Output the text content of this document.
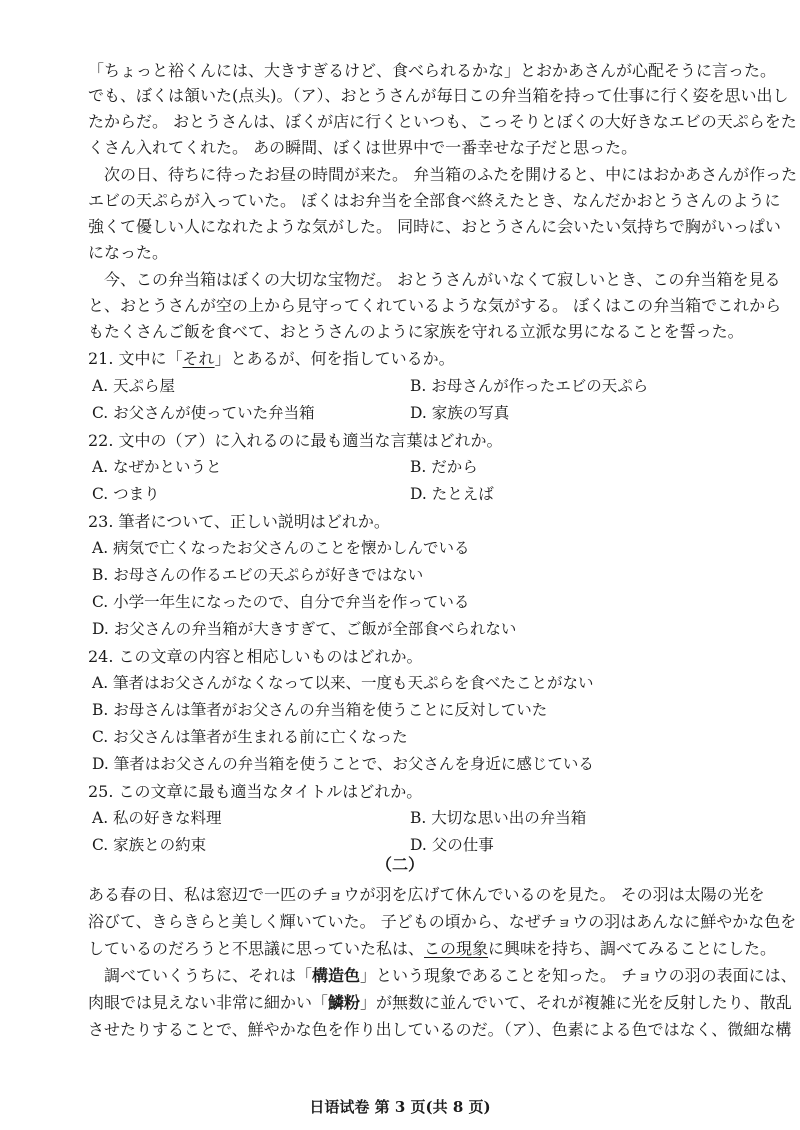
「ちょっと裕くんには、大きすぎるけど、食べられるかな」とおかあさんが心配そうに言った。
でも、ぼくは頷いた(点头)。（ア）、おとうさんが毎日この弁当箱を持って仕事に行く姿を思い出し
たからだ。 おとうさんは、ぼくが店に行くといつも、こっそりとぼくの大好きなエビの天ぷらをた
くさん入れてくれた。 あの瞬間、ぼくは世界中で一番幸せな子だと思った。
次の日、待ちに待ったお昼の時間が来た。 弁当箱のふたを開けると、中にはおかあさんが作った
エビの天ぷらが入っていた。 ぼくはお弁当を全部食べ終えたとき、なんだかおとうさんのように
強くて優しい人になれたような気がした。 同時に、おとうさんに会いたい気持ちで胸がいっぱい
になった。
今、この弁当箱はぼくの大切な宝物だ。 おとうさんがいなくて寂しいとき、この弁当箱を見る
と、おとうさんが空の上から見守ってくれているような気がする。 ぼくはこの弁当箱でこれから
もたくさんご飯を食べて、おとうさんのように家族を守れる立派な男になることを誓った。
21. 文中に「それ」とあるが、何を指しているか。
A. 天ぷら屋	B. お母さんが作ったエビの天ぷら
C. お父さんが使っていた弁当箱	D. 家族の写真
22. 文中の（ア）に入れるのに最も適当な言葉はどれか。
A. なぜかというと	B. だから
C. つまり	D. たとえば
23. 筆者について、正しい説明はどれか。
A. 病気で亡くなったお父さんのことを懐かしんでいる
B. お母さんの作るエビの天ぷらが好きではない
C. 小学一年生になったので、自分で弁当を作っている
D. お父さんの弁当箱が大きすぎて、ご飯が全部食べられない
24. この文章の内容と相応しいものはどれか。
A. 筆者はお父さんがなくなって以来、一度も天ぷらを食べたことがない
B. お母さんは筆者がお父さんの弁当箱を使うことに反対していた
C. お父さんは筆者が生まれる前に亡くなった
D. 筆者はお父さんの弁当箱を使うことで、お父さんを身近に感じている
25. この文章に最も適当なタイトルはどれか。
A. 私の好きな料理	B. 大切な思い出の弁当箱
C. 家族との約束	D. 父の仕事
（二）
ある春の日、私は窓辺で一匹のチョウが羽を広げて休んでいるのを見た。 その羽は太陽の光を
浴びて、きらきらと美しく輝いていた。 子どもの頃から、なぜチョウの羽はあんなに鮮やかな色を
しているのだろうと不思議に思っていた私は、この現象に興味を持ち、調べてみることにした。
調べていくうちに、それは「構造色」という現象であることを知った。 チョウの羽の表面には、
肉眼では見えない非常に細かい「鱗粉」が無数に並んでいて、それが複雑に光を反射したり、散乱
させたりすることで、鮮やかな色を作り出しているのだ。（ア）、色素による色ではなく、微細な構
日语试卷 第 3 页(共 8 页)
